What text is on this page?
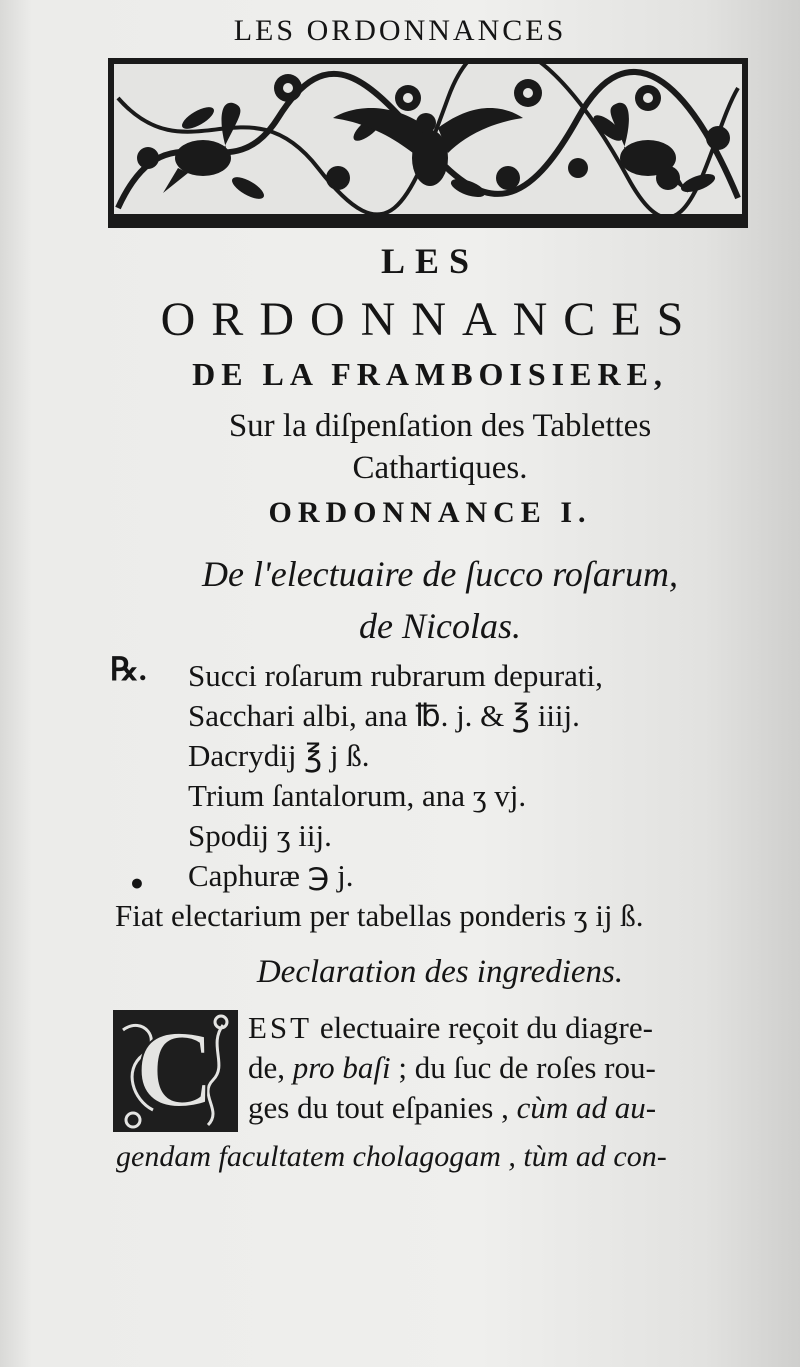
LES ORDONNANCES
LES
ORDONNANCES
DE LA FRAMBOISIERE,
Sur la diſpenſation des Tablettes
Cathartiques.
ORDONNANCE I.
De l'electuaire de ſucco roſarum,
de Nicolas.
℞. Succi roſarum rubrarum depurati,
Sacchari albi, ana ℔. j. & ℥ iiij.
Dacrydij ℥ j ß.
Trium ſantalorum, ana ʒ vj.
Spodij ʒ iij.
Caphuræ ℈ j.
•
Fiat electarium per tabellas ponderis ʒ ij ß.
Declaration des ingrediens.
C EST electuaire reçoit du diagre-
de, pro baſi ; du ſuc de roſes rou-
ges du tout eſpanies , cùm ad au-
gendam facultatem cholagogam , tùm ad con-
